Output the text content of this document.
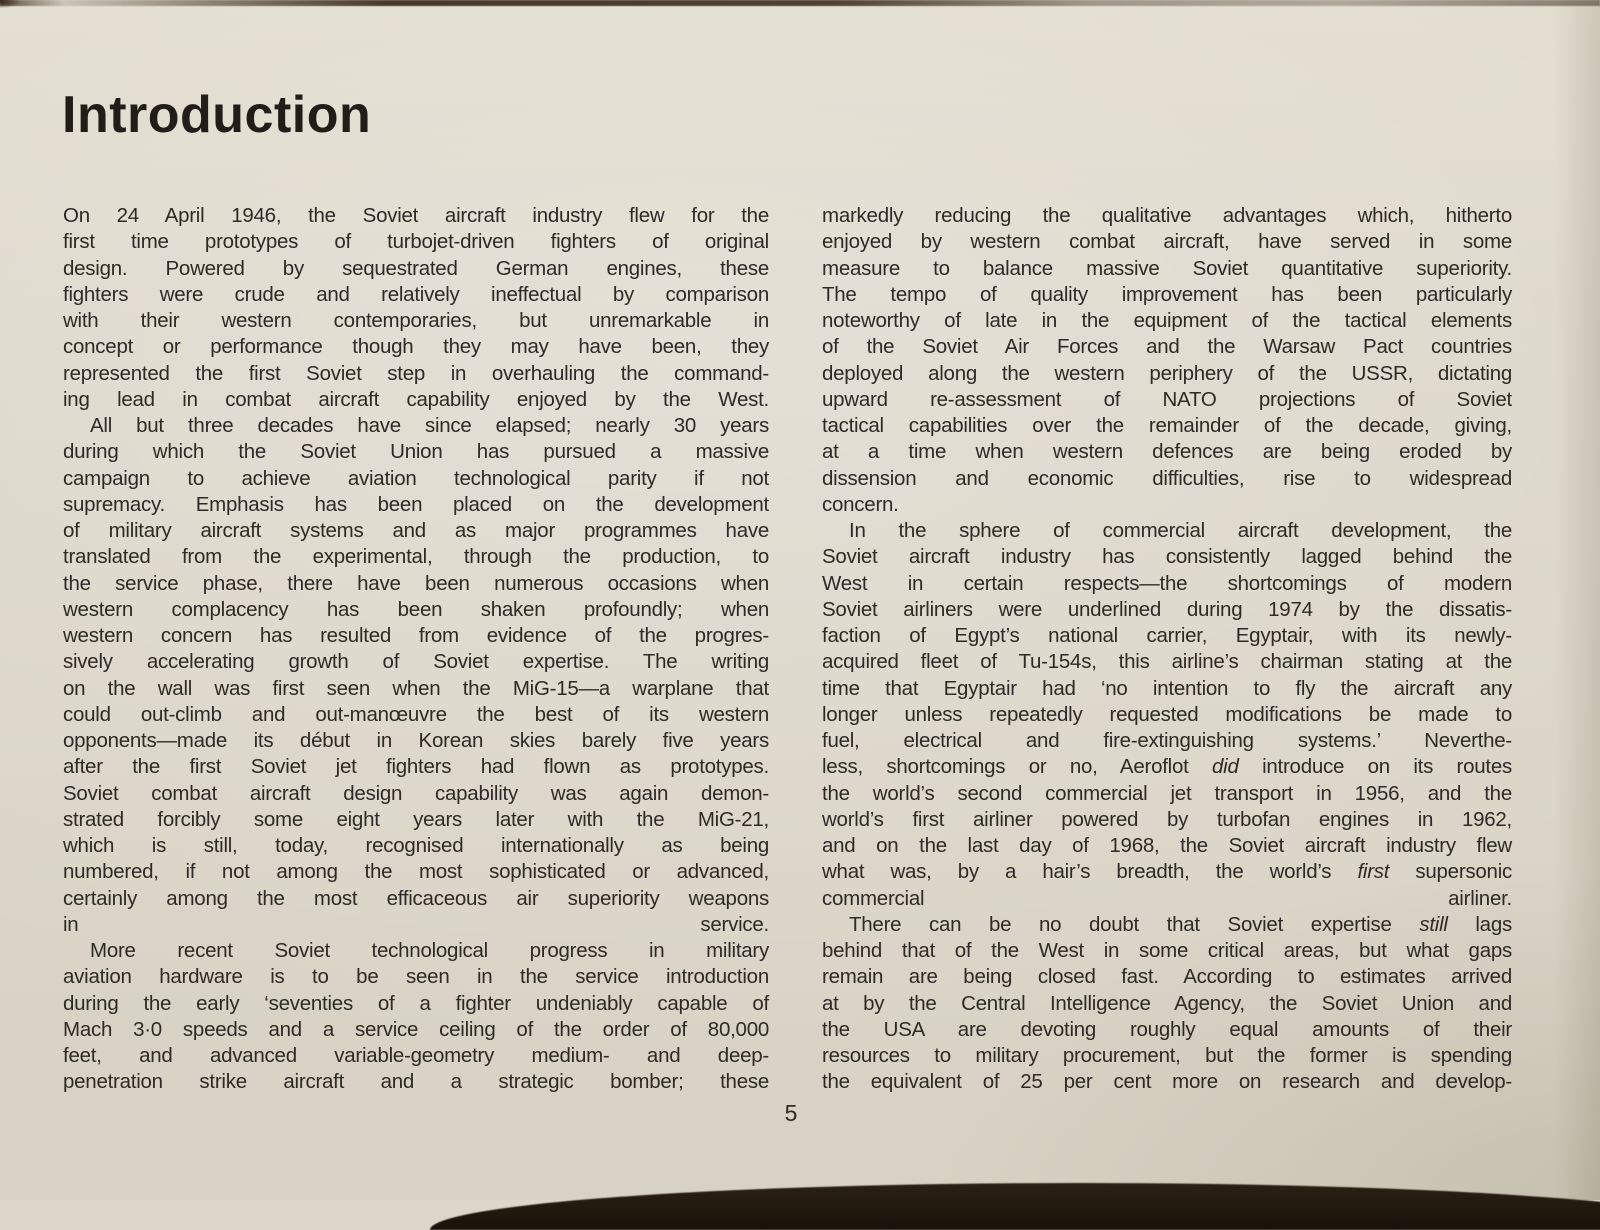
Introduction
On 24 April 1946, the Soviet aircraft industry flew for the
first time prototypes of turbojet-driven fighters of original
design. Powered by sequestrated German engines, these
fighters were crude and relatively ineffectual by comparison
with their western contemporaries, but unremarkable in
concept or performance though they may have been, they
represented the first Soviet step in overhauling the command-
ing lead in combat aircraft capability enjoyed by the West.
All but three decades have since elapsed; nearly 30 years
during which the Soviet Union has pursued a massive
campaign to achieve aviation technological parity if not
supremacy. Emphasis has been placed on the development
of military aircraft systems and as major programmes have
translated from the experimental, through the production, to
the service phase, there have been numerous occasions when
western complacency has been shaken profoundly; when
western concern has resulted from evidence of the progres-
sively accelerating growth of Soviet expertise. The writing
on the wall was first seen when the MiG-15—a warplane that
could out-climb and out-manœuvre the best of its western
opponents—made its début in Korean skies barely five years
after the first Soviet jet fighters had flown as prototypes.
Soviet combat aircraft design capability was again demon-
strated forcibly some eight years later with the MiG-21,
which is still, today, recognised internationally as being
numbered, if not among the most sophisticated or advanced,
certainly among the most efficaceous air superiority weapons
in service.
More recent Soviet technological progress in military
aviation hardware is to be seen in the service introduction
during the early ‘seventies of a fighter undeniably capable of
Mach 3·0 speeds and a service ceiling of the order of 80,000
feet, and advanced variable-geometry medium- and deep-
penetration strike aircraft and a strategic bomber; these
markedly reducing the qualitative advantages which, hitherto
enjoyed by western combat aircraft, have served in some
measure to balance massive Soviet quantitative superiority.
The tempo of quality improvement has been particularly
noteworthy of late in the equipment of the tactical elements
of the Soviet Air Forces and the Warsaw Pact countries
deployed along the western periphery of the USSR, dictating
upward re-assessment of NATO projections of Soviet
tactical capabilities over the remainder of the decade, giving,
at a time when western defences are being eroded by
dissension and economic difficulties, rise to widespread
concern.
In the sphere of commercial aircraft development, the
Soviet aircraft industry has consistently lagged behind the
West in certain respects—the shortcomings of modern
Soviet airliners were underlined during 1974 by the dissatis-
faction of Egypt’s national carrier, Egyptair, with its newly-
acquired fleet of Tu-154s, this airline’s chairman stating at the
time that Egyptair had ‘no intention to fly the aircraft any
longer unless repeatedly requested modifications be made to
fuel, electrical and fire-extinguishing systems.’ Neverthe-
less, shortcomings or no, Aeroflot did introduce on its routes
the world’s second commercial jet transport in 1956, and the
world’s first airliner powered by turbofan engines in 1962,
and on the last day of 1968, the Soviet aircraft industry flew
what was, by a hair’s breadth, the world’s first supersonic
commercial airliner.
There can be no doubt that Soviet expertise still lags
behind that of the West in some critical areas, but what gaps
remain are being closed fast. According to estimates arrived
at by the Central Intelligence Agency, the Soviet Union and
the USA are devoting roughly equal amounts of their
resources to military procurement, but the former is spending
the equivalent of 25 per cent more on research and develop-
5
